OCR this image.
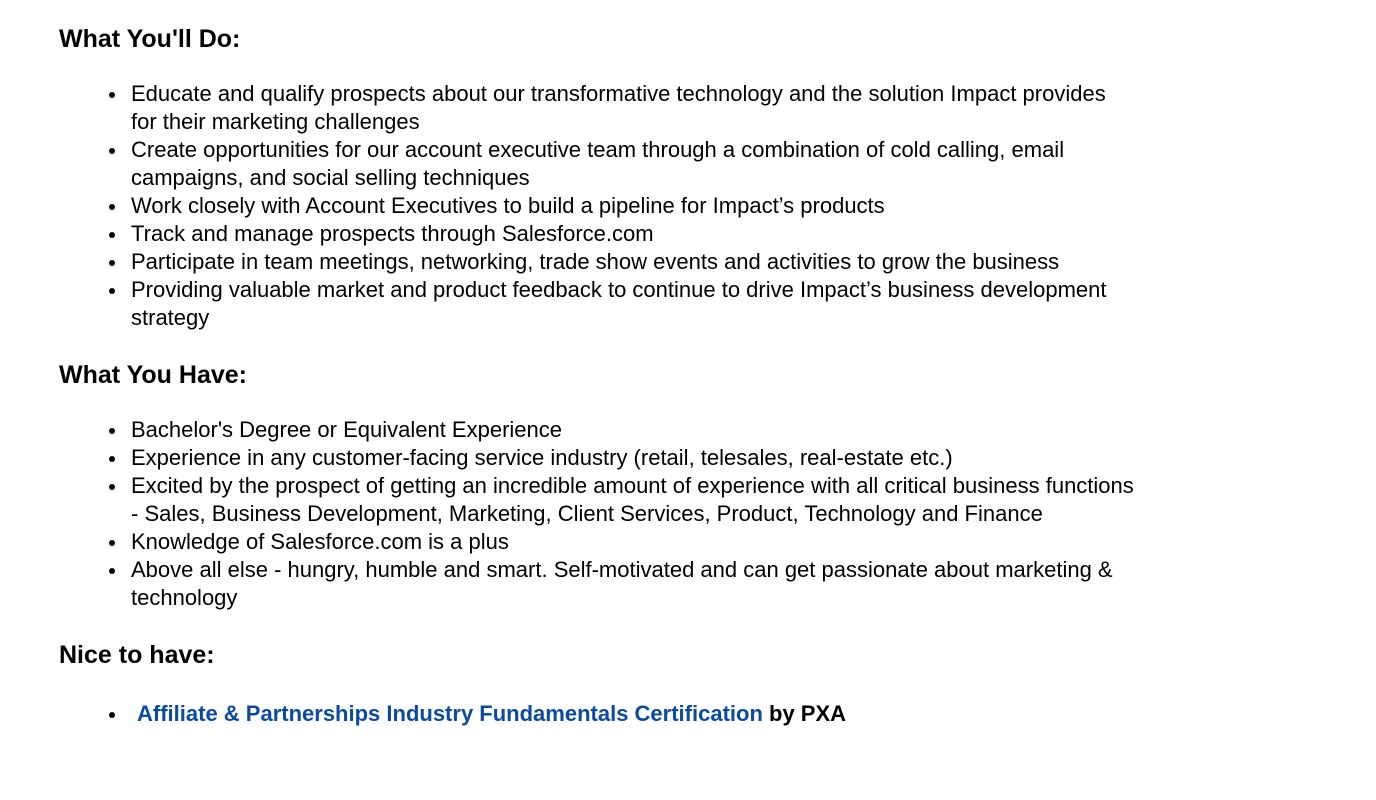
What You'll Do:
Educate and qualify prospects about our transformative technology and the solution Impact provides for their marketing challenges
Create opportunities for our account executive team through a combination of cold calling, email campaigns, and social selling techniques
Work closely with Account Executives to build a pipeline for Impact’s products
Track and manage prospects through Salesforce.com
Participate in team meetings, networking, trade show events and activities to grow the business
Providing valuable market and product feedback to continue to drive Impact’s business development strategy
What You Have:
Bachelor's Degree or Equivalent Experience
Experience in any customer-facing service industry (retail, telesales, real-estate etc.)
Excited by the prospect of getting an incredible amount of experience with all critical business functions - Sales, Business Development, Marketing, Client Services, Product, Technology and Finance
Knowledge of Salesforce.com is a plus
Above all else - hungry, humble and smart. Self-motivated and can get passionate about marketing & technology
Nice to have:
Affiliate & Partnerships Industry Fundamentals Certification by PXA
